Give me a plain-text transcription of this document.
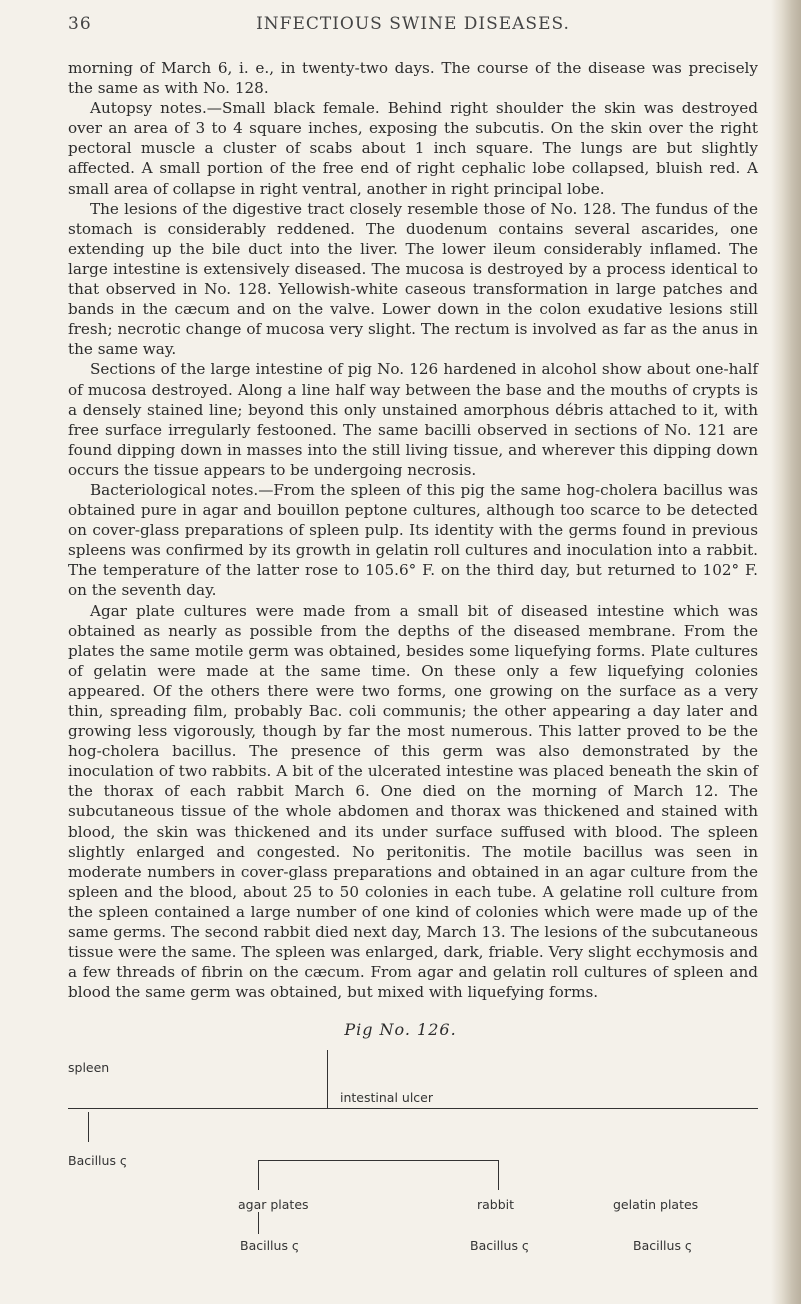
36	INFECTIOUS SWINE DISEASES.

morning of March 6, i. e., in twenty-two days. The course of the disease was precisely the same as with No. 128.

Autopsy notes.—Small black female. Behind right shoulder the skin was destroyed over an area of 3 to 4 square inches, exposing the subcutis. On the skin over the right pectoral muscle a cluster of scabs about 1 inch square. The lungs are but slightly affected. A small portion of the free end of right cephalic lobe collapsed, bluish red. A small area of collapse in right ventral, another in right principal lobe.

The lesions of the digestive tract closely resemble those of No. 128. The fundus of the stomach is considerably reddened. The duodenum contains several ascarides, one extending up the bile duct into the liver. The lower ileum considerably inflamed. The large intestine is extensively diseased. The mucosa is destroyed by a process identical to that observed in No. 128. Yellowish-white caseous transformation in large patches and bands in the cæcum and on the valve. Lower down in the colon exudative lesions still fresh; necrotic change of mucosa very slight. The rectum is involved as far as the anus in the same way.

Sections of the large intestine of pig No. 126 hardened in alcohol show about one-half of mucosa destroyed. Along a line half way between the base and the mouths of crypts is a densely stained line; beyond this only unstained amorphous débris attached to it, with free surface irregularly festooned. The same bacilli observed in sections of No. 121 are found dipping down in masses into the still living tissue, and wherever this dipping down occurs the tissue appears to be undergoing necrosis.

Bacteriological notes.—From the spleen of this pig the same hog-cholera bacillus was obtained pure in agar and bouillon peptone cultures, although too scarce to be detected on cover-glass preparations of spleen pulp. Its identity with the germs found in previous spleens was confirmed by its growth in gelatin roll cultures and inoculation into a rabbit. The temperature of the latter rose to 105.6° F. on the third day, but returned to 102° F. on the seventh day.

Agar plate cultures were made from a small bit of diseased intestine which was obtained as nearly as possible from the depths of the diseased membrane. From the plates the same motile germ was obtained, besides some liquefying forms. Plate cultures of gelatin were made at the same time. On these only a few liquefying colonies appeared. Of the others there were two forms, one growing on the surface as a very thin, spreading film, probably Bac. coli communis; the other appearing a day later and growing less vigorously, though by far the most numerous. This latter proved to be the hog-cholera bacillus. The presence of this germ was also demonstrated by the inoculation of two rabbits. A bit of the ulcerated intestine was placed beneath the skin of the thorax of each rabbit March 6. One died on the morning of March 12. The subcutaneous tissue of the whole abdomen and thorax was thickened and stained with blood, the skin was thickened and its under surface suffused with blood. The spleen slightly enlarged and congested. No peritonitis. The motile bacillus was seen in moderate numbers in cover-glass preparations and obtained in an agar culture from the spleen and the blood, about 25 to 50 colonies in each tube. A gelatine roll culture from the spleen contained a large number of one kind of colonies which were made up of the same germs. The second rabbit died next day, March 13. The lesions of the subcutaneous tissue were the same. The spleen was enlarged, dark, friable. Very slight ecchymosis and a few threads of fibrin on the cæcum. From agar and gelatin roll cultures of spleen and blood the same germ was obtained, but mixed with liquefying forms.

Pig No. 126.
spleen
intestinal ulcer
Bacillus ς
agar plates	rabbit	gelatin plates
Bacillus ς	Bacillus ς	Bacillus ς
